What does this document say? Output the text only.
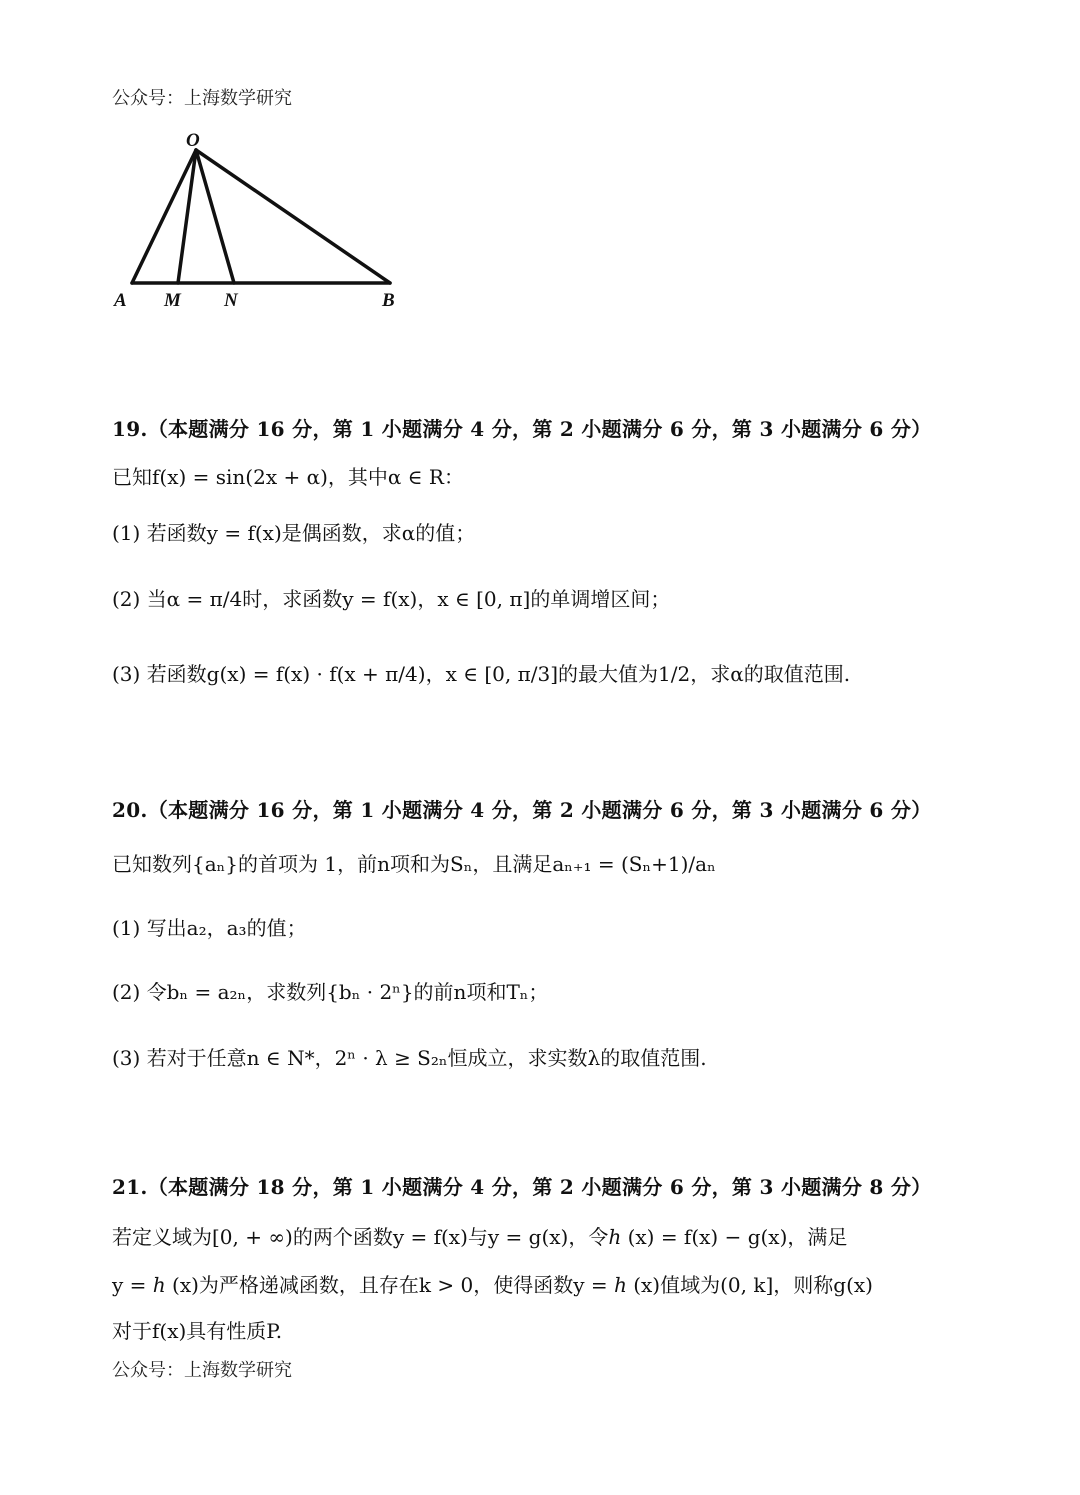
公众号：上海数学研究
O
A M N	B
19.（本题满分 16 分，第 1 小题满分 4 分，第 2 小题满分 6 分，第 3 小题满分 6 分）
已知f(x) = sin(2x + α)，其中α ∈ R：
(1) 若函数y = f(x)是偶函数，求α的值；
(2) 当α = π/4时，求函数y = f(x)，x ∈ [0, π]的单调增区间；
(3) 若函数g(x) = f(x) · f(x + π/4)，x ∈ [0, π/3]的最大值为1/2，求α的取值范围.
20.（本题满分 16 分，第 1 小题满分 4 分，第 2 小题满分 6 分，第 3 小题满分 6 分）
已知数列{aₙ}的首项为 1，前n项和为Sₙ，且满足aₙ₊₁ = (Sₙ+1)/aₙ
(1) 写出a₂，a₃的值；
(2) 令bₙ = a₂ₙ，求数列{bₙ · 2ⁿ}的前n项和Tₙ；
(3) 若对于任意n ∈ N*，2ⁿ · λ ≥ S₂ₙ恒成立，求实数λ的取值范围.
21.（本题满分 18 分，第 1 小题满分 4 分，第 2 小题满分 6 分，第 3 小题满分 8 分）
若定义域为[0, + ∞)的两个函数y = f(x)与y = g(x)，令ℎ (x) = f(x) − g(x)，满足
y = ℎ (x)为严格递减函数，且存在k > 0，使得函数y = ℎ (x)值域为(0, k]，则称g(x)
对于f(x)具有性质P.
公众号：上海数学研究
